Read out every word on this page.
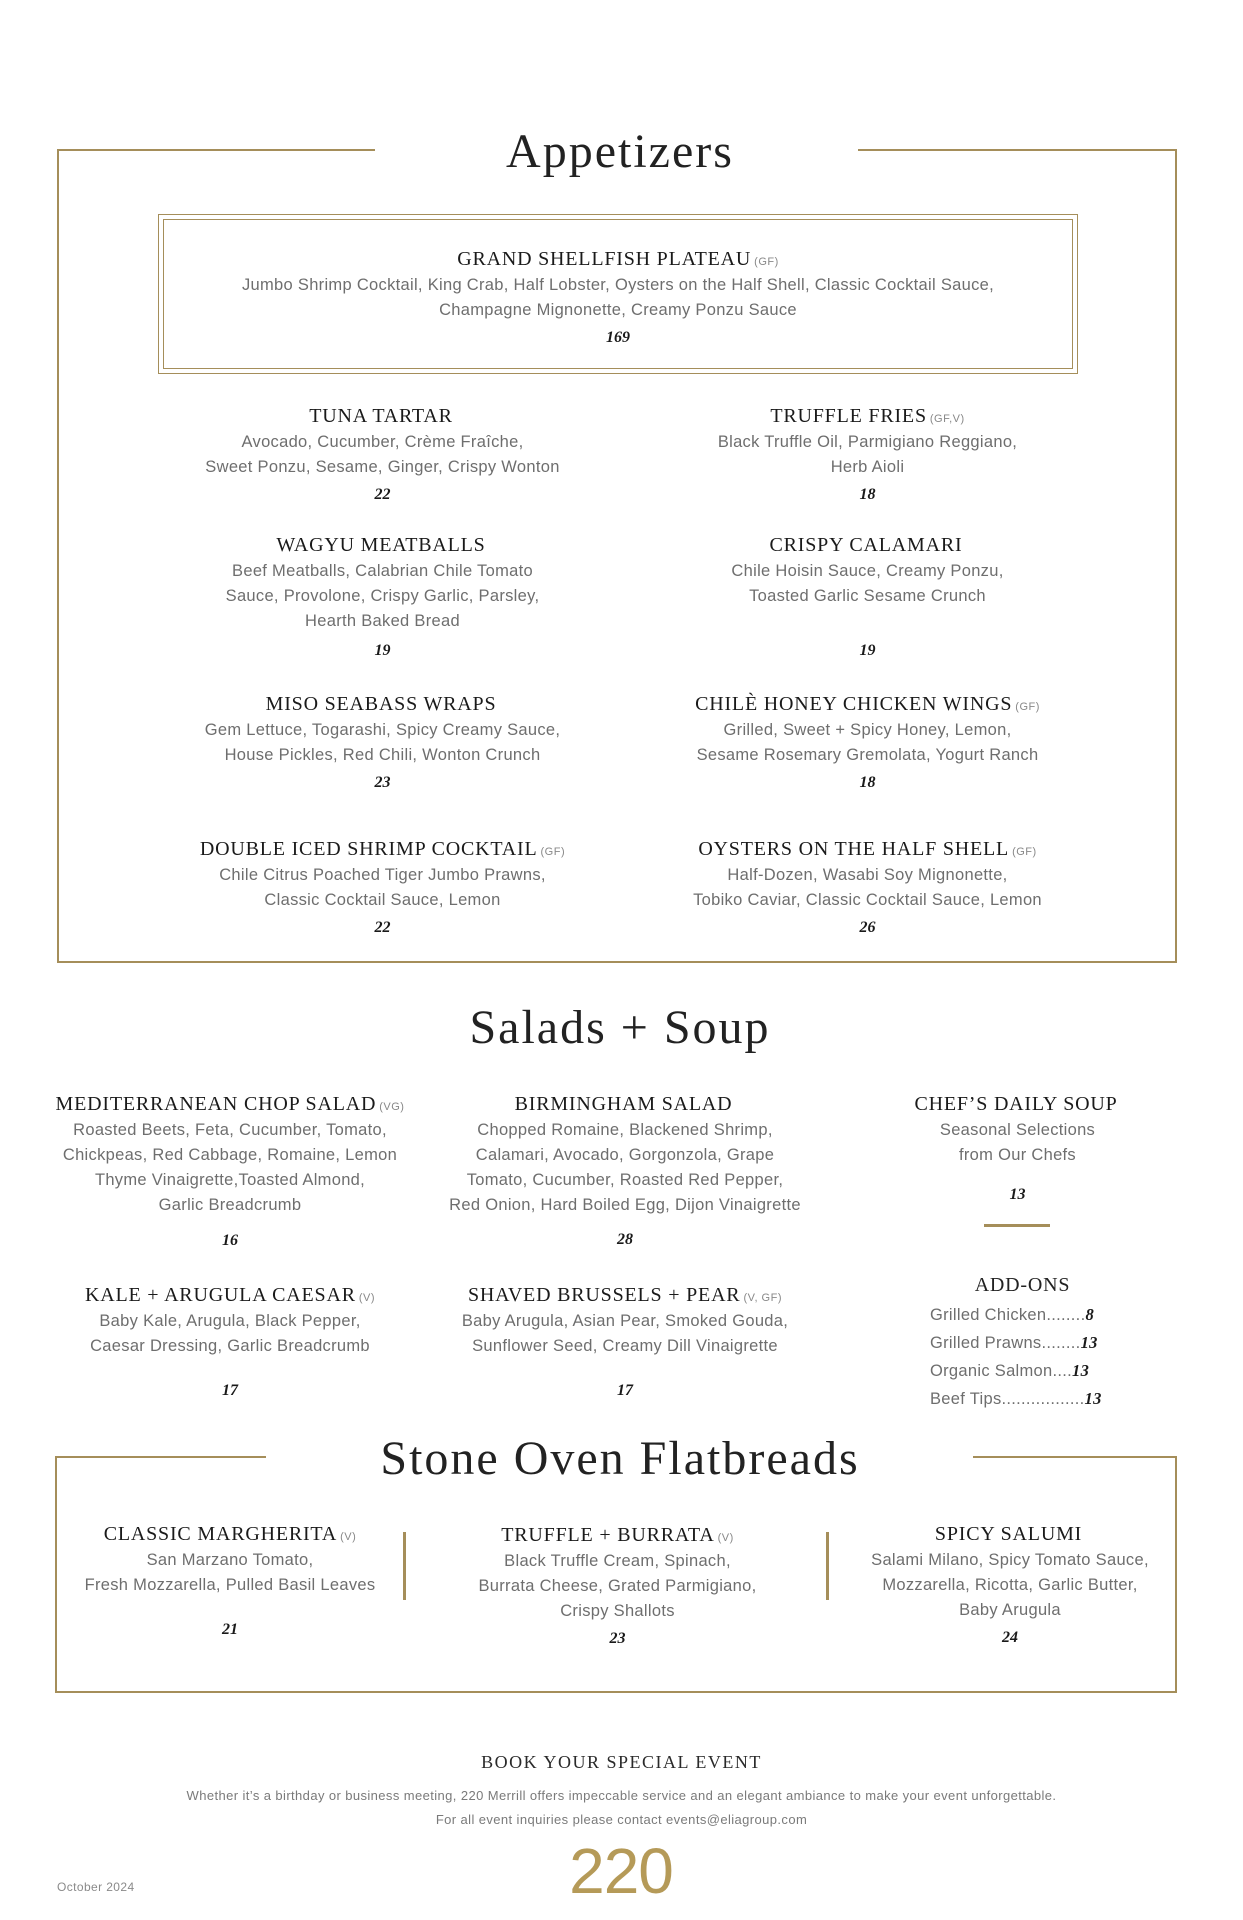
Appetizers
GRAND SHELLFISH PLATEAU (GF)
Jumbo Shrimp Cocktail, King Crab, Half Lobster, Oysters on the Half Shell, Classic Cocktail Sauce,
Champagne Mignonette, Creamy Ponzu Sauce
169
TUNA TARTAR
Avocado, Cucumber, Crème Fraîche,
Sweet Ponzu, Sesame, Ginger, Crispy Wonton
22
TRUFFLE FRIES (GF,V)
Black Truffle Oil, Parmigiano Reggiano,
Herb Aioli
18
WAGYU MEATBALLS
Beef Meatballs, Calabrian Chile Tomato
Sauce, Provolone, Crispy Garlic, Parsley,
Hearth Baked Bread
19
CRISPY CALAMARI
Chile Hoisin Sauce, Creamy Ponzu,
Toasted Garlic Sesame Crunch
19
MISO SEABASS WRAPS
Gem Lettuce, Togarashi, Spicy Creamy Sauce,
House Pickles, Red Chili, Wonton Crunch
23
CHILÈ HONEY CHICKEN WINGS (GF)
Grilled, Sweet + Spicy Honey, Lemon,
Sesame Rosemary Gremolata, Yogurt Ranch
18
DOUBLE ICED SHRIMP COCKTAIL (GF)
Chile Citrus Poached Tiger Jumbo Prawns,
Classic Cocktail Sauce, Lemon
22
OYSTERS ON THE HALF SHELL (GF)
Half-Dozen, Wasabi Soy Mignonette,
Tobiko Caviar, Classic Cocktail Sauce, Lemon
26
Salads + Soup
MEDITERRANEAN CHOP SALAD (VG)
Roasted Beets, Feta, Cucumber, Tomato,
Chickpeas, Red Cabbage, Romaine, Lemon
Thyme Vinaigrette,Toasted Almond,
Garlic Breadcrumb
16
BIRMINGHAM SALAD
Chopped Romaine, Blackened Shrimp,
Calamari, Avocado, Gorgonzola, Grape
Tomato, Cucumber, Roasted Red Pepper,
Red Onion, Hard Boiled Egg, Dijon Vinaigrette
28
CHEF’S DAILY SOUP
Seasonal Selections
from Our Chefs
13
KALE + ARUGULA CAESAR (V)
Baby Kale, Arugula, Black Pepper,
Caesar Dressing, Garlic Breadcrumb
17
SHAVED BRUSSELS + PEAR (V, GF)
Baby Arugula, Asian Pear, Smoked Gouda,
Sunflower Seed, Creamy Dill Vinaigrette
17
ADD-ONS
Grilled Chicken........8
Grilled Prawns........13
Organic Salmon....13
Beef Tips.................13
Stone Oven Flatbreads
CLASSIC MARGHERITA (V)
San Marzano Tomato,
Fresh Mozzarella, Pulled Basil Leaves
21
TRUFFLE + BURRATA (V)
Black Truffle Cream, Spinach,
Burrata Cheese, Grated Parmigiano,
Crispy Shallots
23
SPICY SALUMI
Salami Milano, Spicy Tomato Sauce,
Mozzarella, Ricotta, Garlic Butter,
Baby Arugula
24
BOOK YOUR SPECIAL EVENT
Whether it’s a birthday or business meeting, 220 Merrill offers impeccable service and an elegant ambiance to make your event unforgettable.
For all event inquiries please contact events@eliagroup.com
220
October 2024
